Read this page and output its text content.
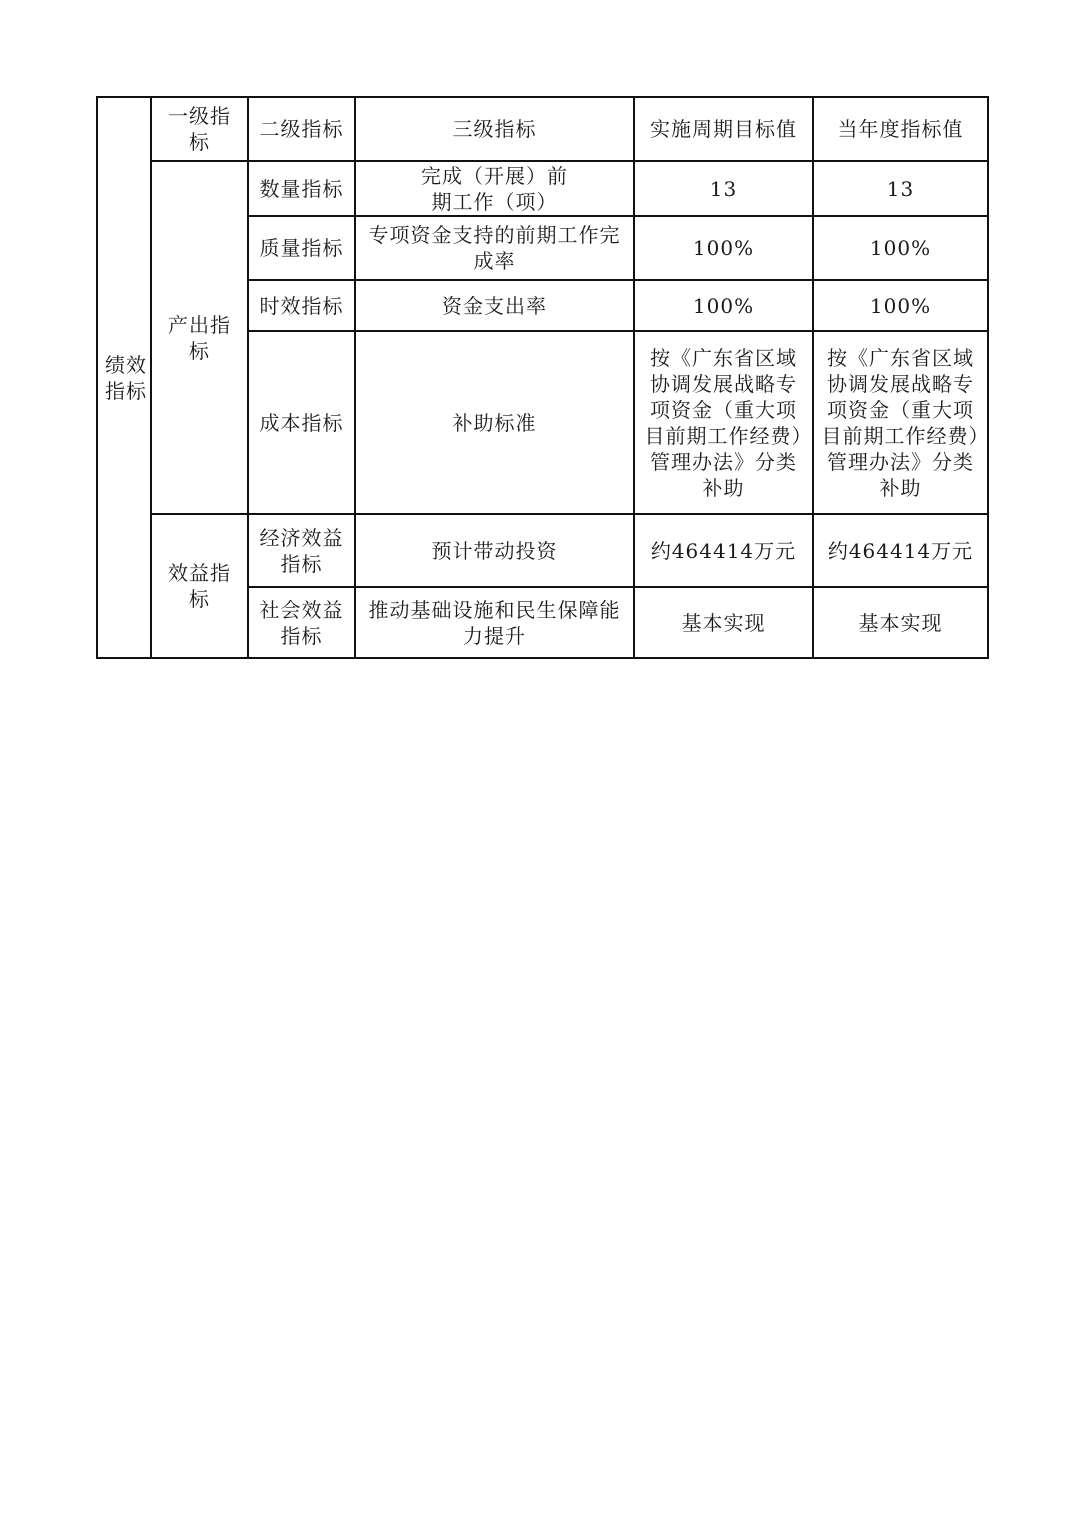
绩效指标	一级指标	二级指标	三级指标	实施周期目标值	当年度指标值
	产出指标	数量指标	完成（开展）前期工作（项）	13	13
		质量指标	专项资金支持的前期工作完成率	100%	100%
		时效指标	资金支出率	100%	100%
		成本指标	补助标准	按《广东省区域协调发展战略专项资金（重大项目前期工作经费）管理办法》分类补助	按《广东省区域协调发展战略专项资金（重大项目前期工作经费）管理办法》分类补助
	效益指标	经济效益指标	预计带动投资	约464414万元	约464414万元
		社会效益指标	推动基础设施和民生保障能力提升	基本实现	基本实现
